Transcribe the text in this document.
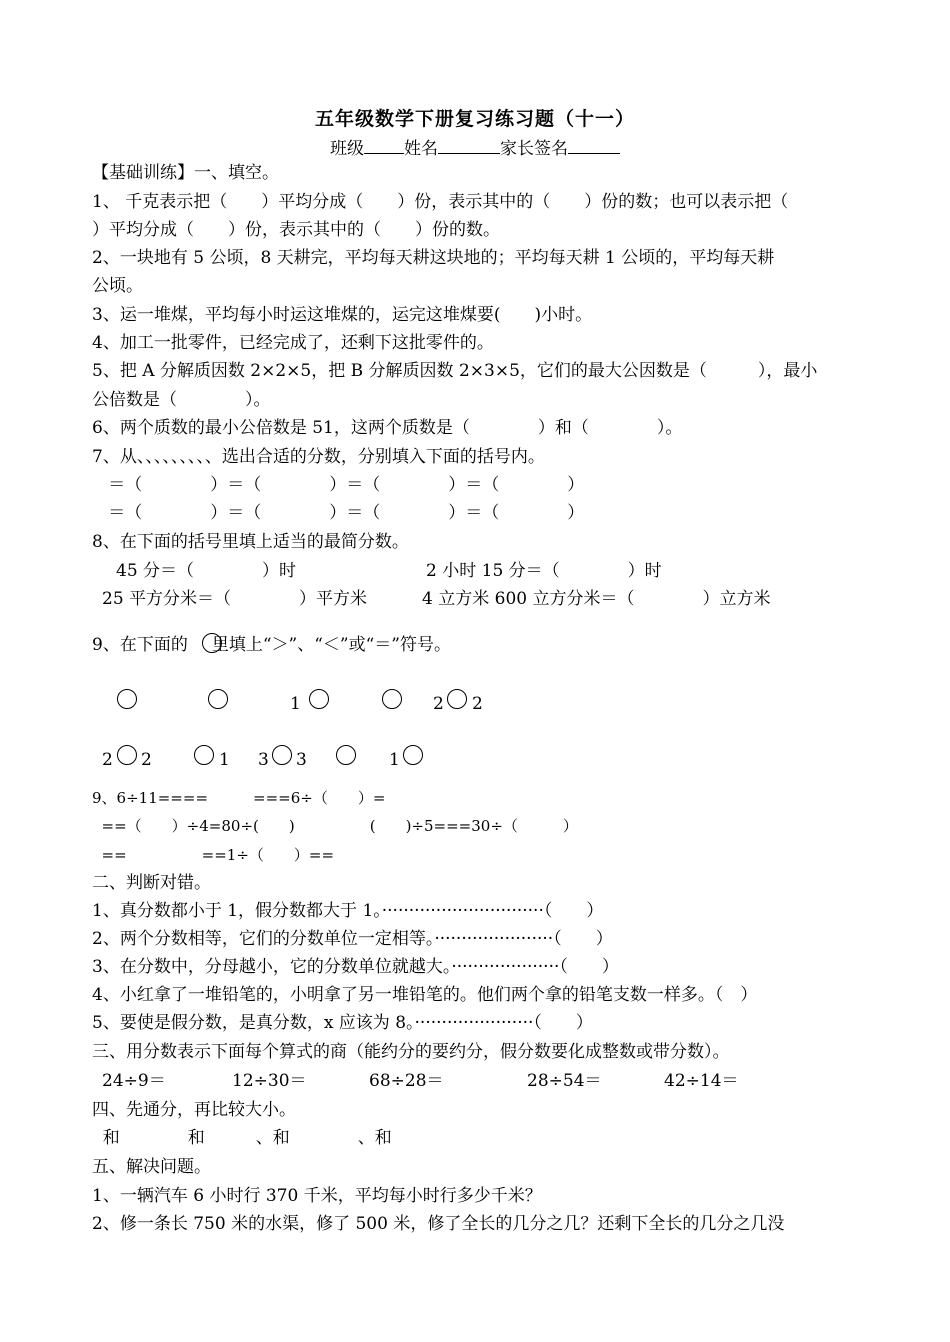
五年级数学下册复习练习题（十一）
班级 姓名	家长签名
【基础训练】一、填空。
1、 千克表示把（　　）平均分成（　　）份，表示其中的（　　）份的数；也可以表示把（
）平均分成（　　）份，表示其中的（　　）份的数。
2、一块地有 5 公顷，8 天耕完，平均每天耕这块地的；平均每天耕 1 公顷的，平均每天耕
公顷。
3、运一堆煤，平均每小时运这堆煤的，运完这堆煤要(　　)小时。
4、加工一批零件，已经完成了，还剩下这批零件的。
5、把 A 分解质因数 2×2×5，把 B 分解质因数 2×3×5，它们的最大公因数是（　　　），最小
公倍数是（　　　　）。
6、两个质数的最小公倍数是 51，这两个质数是（　　　　）和（　　　　）。
7、从、、、、、、、、、选出合适的分数，分别填入下面的括号内。
＝（　　　　）＝（　　　　）＝（　　　　）＝（　　　　）
＝（　　　　）＝（　　　　）＝（　　　　）＝（　　　　）
8、在下面的括号里填上适当的最简分数。
45 分＝（　　　　）时	2 小时 15 分＝（　　　　）时
25 平方分米＝（　　　　）平方米	4 立方米 600 立方分米＝（　　　　）立方米
9、在下面的 里填上“＞”、“＜”或“＝”符号。
1	2 2
2 2	1 3 3	1
9、6÷11====　　　===6÷（　　）=
==（　　）÷4=80÷(　　)　　　　　(　　)÷5===30÷（　　　）
==　　　　　==1÷（　　）==
二、判断对错。
1、真分数都小于 1，假分数都大于 1。······························（　　）
2、两个分数相等，它们的分数单位一定相等。······················（　　）
3、在分数中，分母越小，它的分数单位就越大。····················（　　）
4、小红拿了一堆铅笔的，小明拿了另一堆铅笔的。他们两个拿的铅笔支数一样多。（　）
5、要使是假分数，是真分数，x 应该为 8。······················（　　）
三、用分数表示下面每个算式的商（能约分的要约分，假分数要化成整数或带分数）。
24÷9＝	12÷30＝	68÷28＝	28÷54＝	42÷14＝
四、先通分，再比较大小。
和　　　　和　　　、和　　　　、和
五、解决问题。
1、一辆汽车 6 小时行 370 千米，平均每小时行多少千米？
2、修一条长 750 米的水渠，修了 500 米，修了全长的几分之几？还剩下全长的几分之几没
